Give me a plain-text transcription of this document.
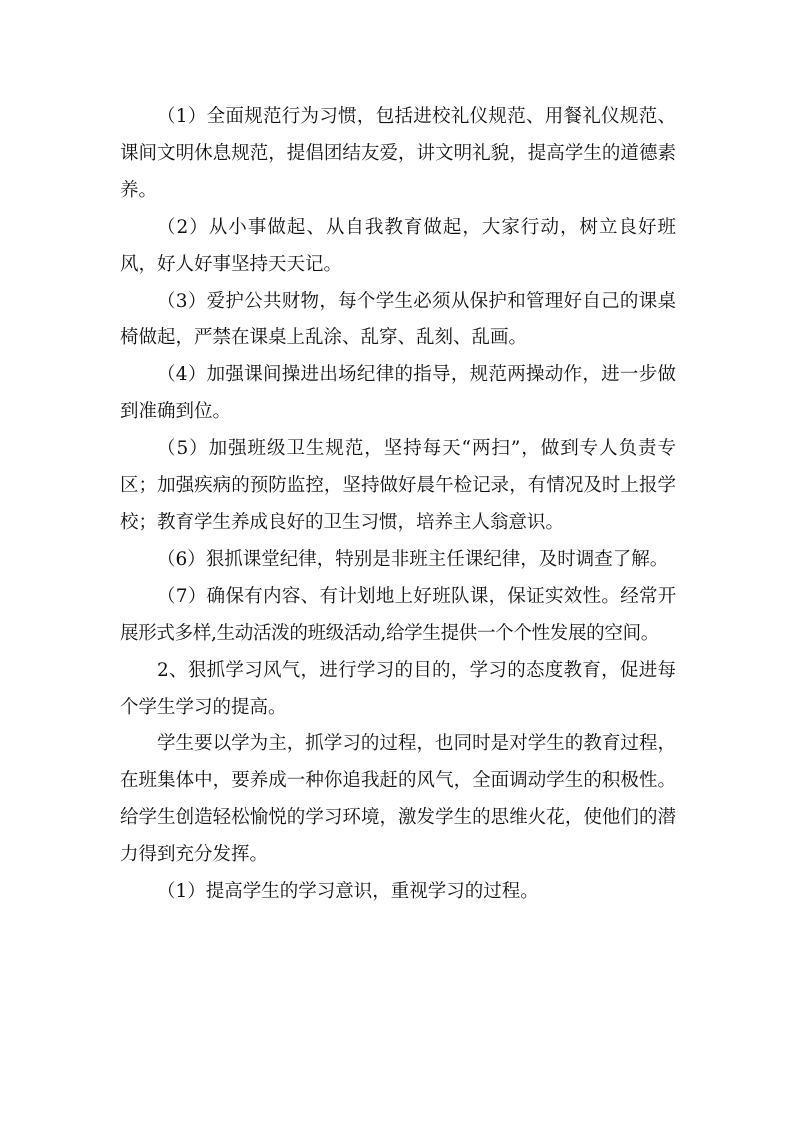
（1）全面规范行为习惯，包括进校礼仪规范、用餐礼仪规范、课间文明休息规范，提倡团结友爱，讲文明礼貌，提高学生的道德素养。

（2）从小事做起、从自我教育做起，大家行动，树立良好班风，好人好事坚持天天记。

（3）爱护公共财物，每个学生必须从保护和管理好自己的课桌椅做起，严禁在课桌上乱涂、乱穿、乱刻、乱画。

（4）加强课间操进出场纪律的指导，规范两操动作，进一步做到准确到位。

（5）加强班级卫生规范，坚持每天“两扫”，做到专人负责专区；加强疾病的预防监控，坚持做好晨午检记录，有情况及时上报学校；教育学生养成良好的卫生习惯，培养主人翁意识。

（6）狠抓课堂纪律，特别是非班主任课纪律，及时调查了解。

（7）确保有内容、有计划地上好班队课，保证实效性。经常开展形式多样,生动活泼的班级活动,给学生提供一个个性发展的空间。

2、狠抓学习风气，进行学习的目的，学习的态度教育，促进每个学生学习的提高。

学生要以学为主，抓学习的过程，也同时是对学生的教育过程，在班集体中，要养成一种你追我赶的风气，全面调动学生的积极性。给学生创造轻松愉悦的学习环境，激发学生的思维火花，使他们的潜力得到充分发挥。

（1）提高学生的学习意识，重视学习的过程。
